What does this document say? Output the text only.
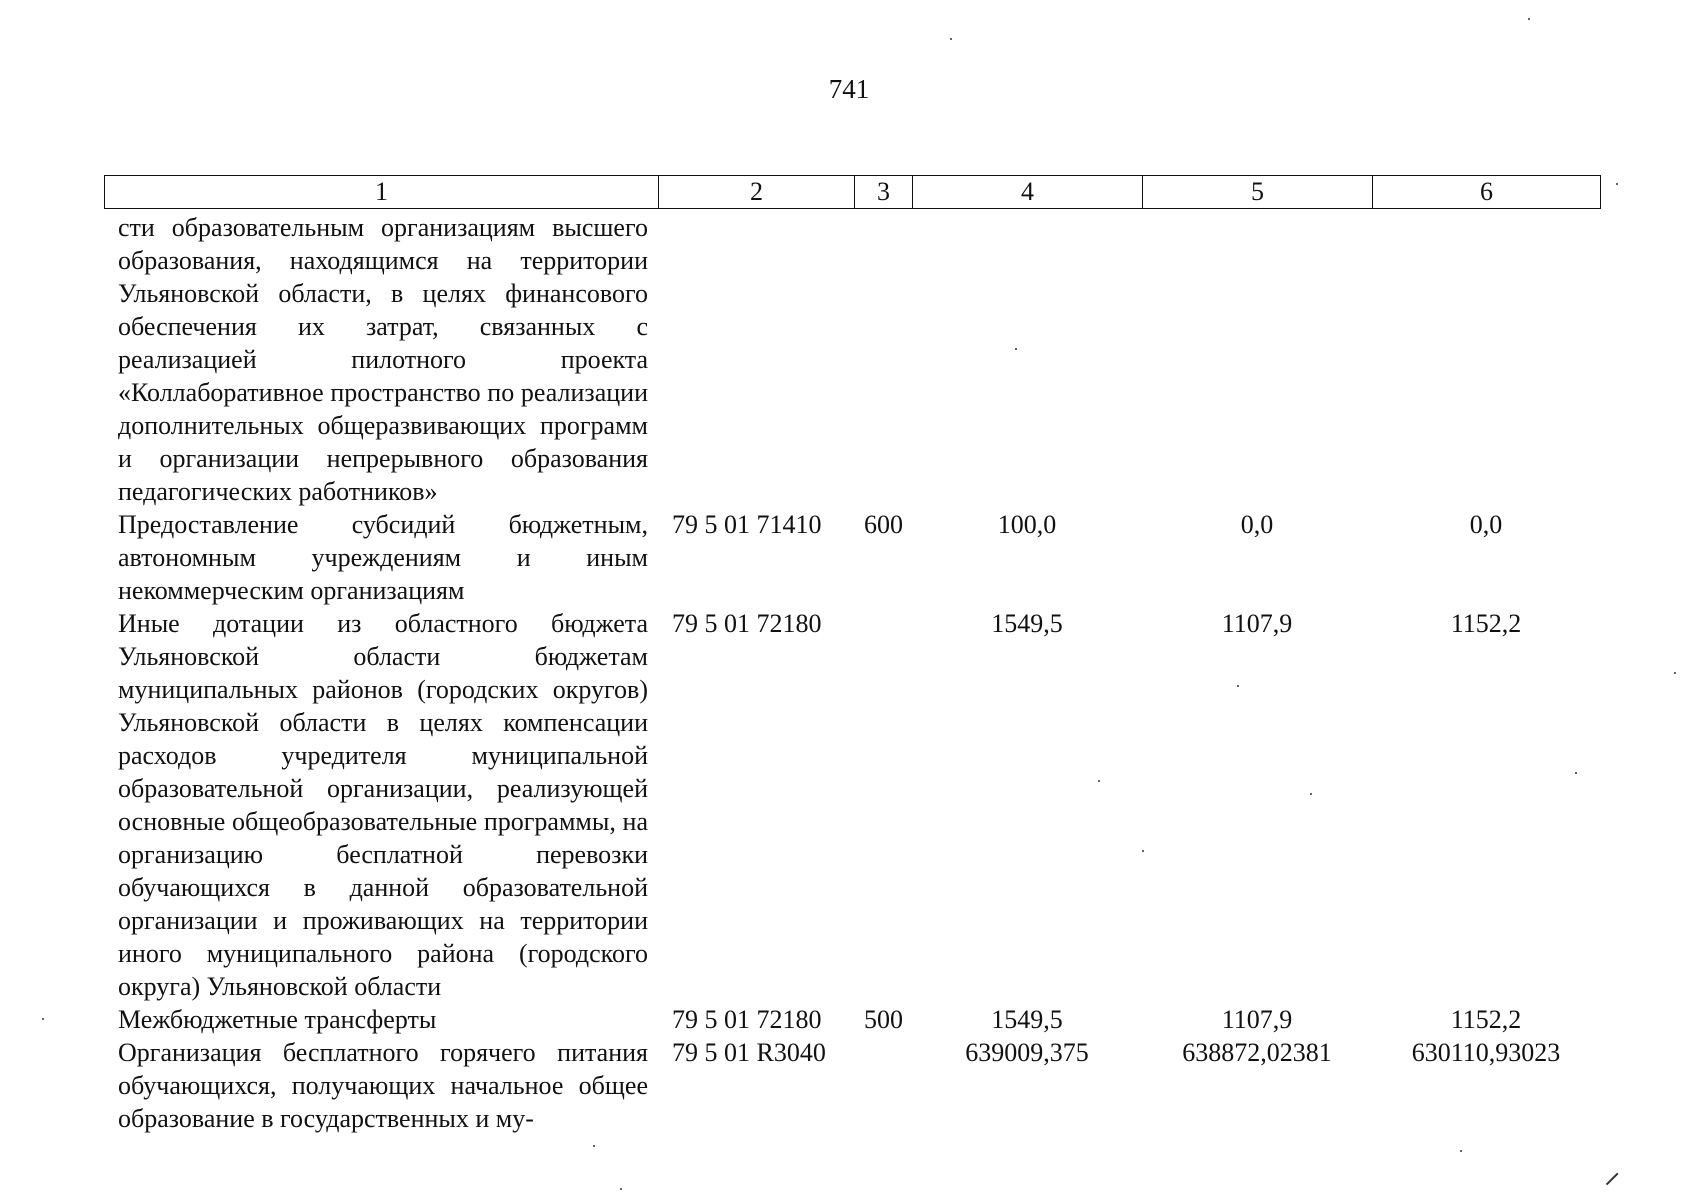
741
1	2	3	4	5	6
сти образовательным организациям высшего образования, находящимся на территории Ульяновской области, в целях финансового обеспечения их затрат, связанных с реализацией пилотного проекта «Коллаборативное пространство по реализации дополнительных общеразвивающих программ и организации непрерывного образования педагогических работников»					
Предоставление субсидий бюджетным, автономным учреждениям и иным некоммерческим организациям	79 5 01 71410	600	100,0	0,0	0,0
Иные дотации из областного бюджета Ульяновской области бюджетам муниципальных районов (городских округов) Ульяновской области в целях компенсации расходов учредителя муниципальной образовательной организации, реализующей основные общеобразовательные программы, на организацию бесплатной перевозки обучающихся в данной образовательной организации и проживающих на территории иного муниципального района (городского округа) Ульяновской области	79 5 01 72180		1549,5	1107,9	1152,2
Межбюджетные трансферты	79 5 01 72180	500	1549,5	1107,9	1152,2
Организация бесплатного горячего питания обучающихся, получающих начальное общее образование в государственных и му-	79 5 01 R3040		639009,375	638872,02381	630110,93023
